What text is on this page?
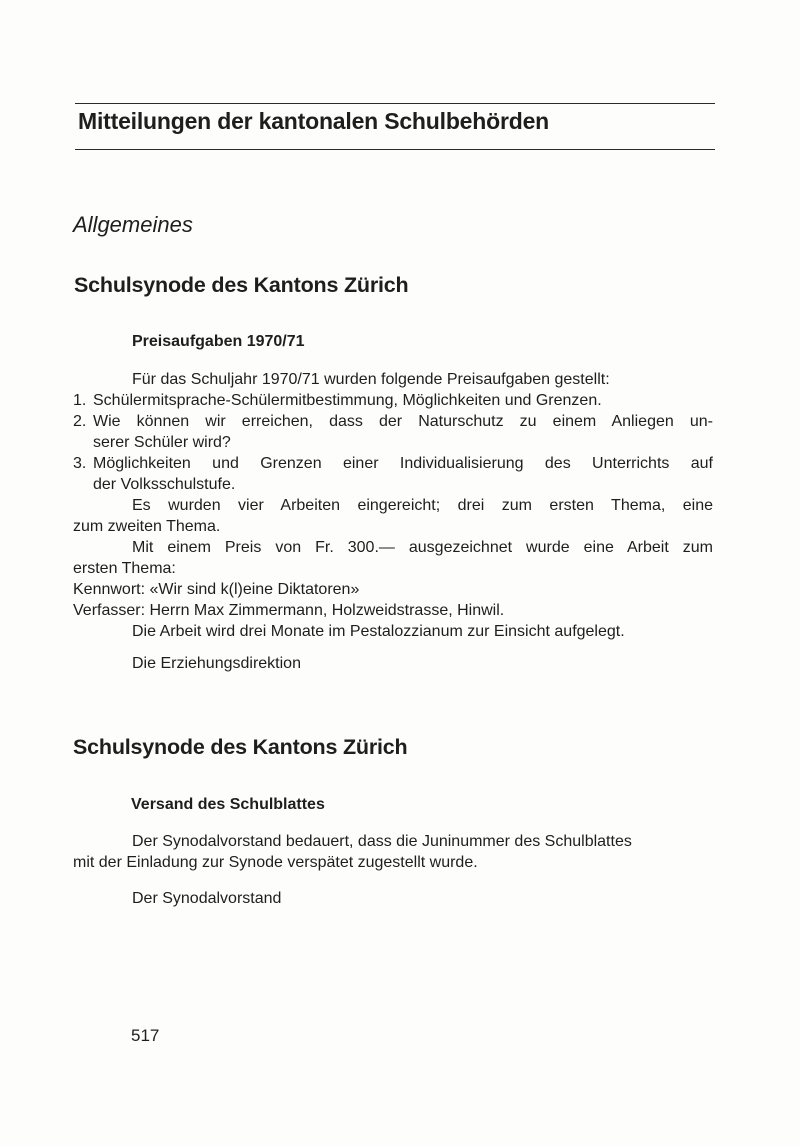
Mitteilungen der kantonalen Schulbehörden
Allgemeines
Schulsynode des Kantons Zürich
Preisaufgaben 1970/71

Für das Schuljahr 1970/71 wurden folgende Preisaufgaben gestellt:

1. Schülermitsprache-Schülermitbestimmung, Möglichkeiten und Grenzen.
2. Wie können wir erreichen, dass der Naturschutz zu einem Anliegen un-

serer Schüler wird?

3. Möglichkeiten und Grenzen einer Individualisierung des Unterrichts auf

der Volksschulstufe.

Es wurden vier Arbeiten eingereicht; drei zum ersten Thema, eine

zum zweiten Thema.

Mit einem Preis von Fr. 300.— ausgezeichnet wurde eine Arbeit zum

ersten Thema:

Kennwort: «Wir sind k(l)eine Diktatoren»

Verfasser: Herrn Max Zimmermann, Holzweidstrasse, Hinwil.

Die Arbeit wird drei Monate im Pestalozzianum zur Einsicht aufgelegt.

Die Erziehungsdirektion

Schulsynode des Kantons Zürich
Versand des Schulblattes

Der Synodalvorstand bedauert, dass die Juninummer des Schulblattes

mit der Einladung zur Synode verspätet zugestellt wurde.

Der Synodalvorstand

517
